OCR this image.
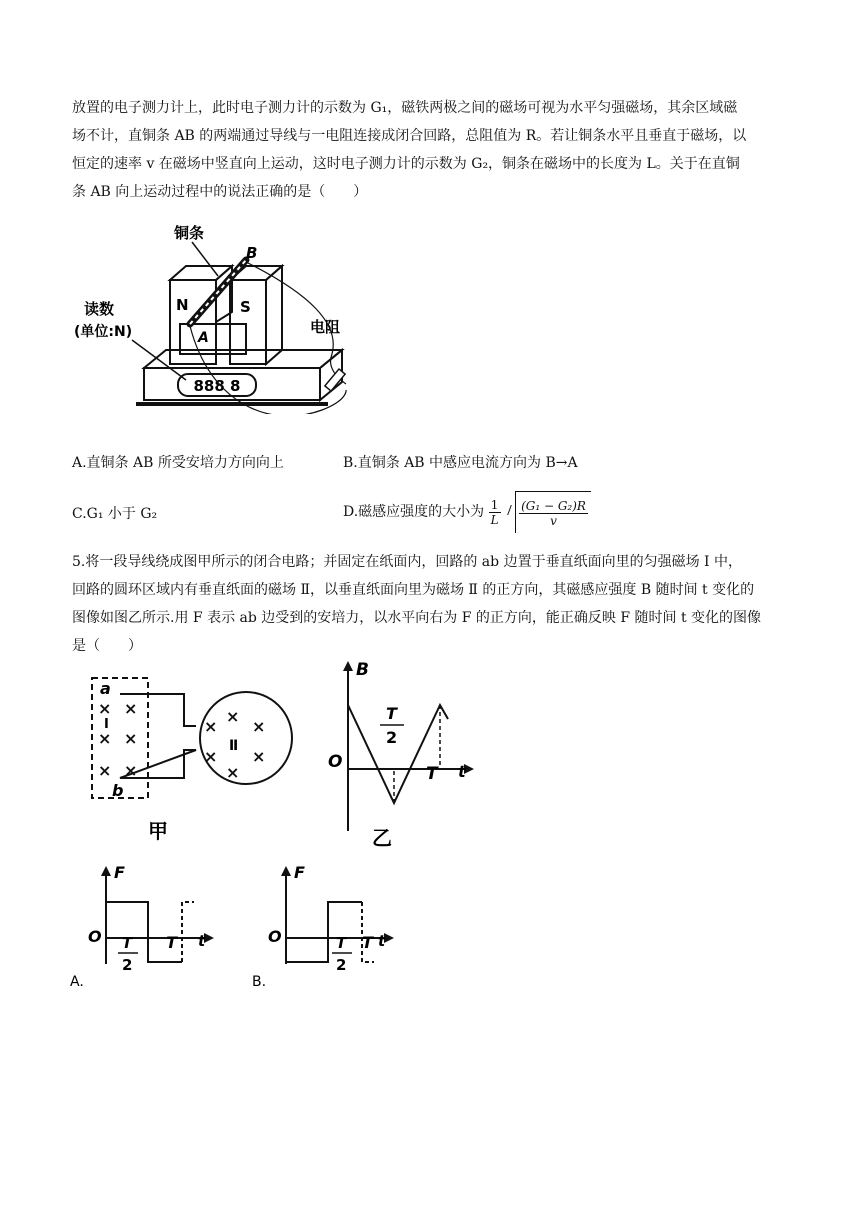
放置的电子测力计上，此时电子测力计的示数为 G₁，磁铁两极之间的磁场可视为水平匀强磁场，其余区域磁
场不计，直铜条 AB 的两端通过导线与一电阻连接成闭合回路，总阻值为 R。若让铜条水平且垂直于磁场，以
恒定的速率 v 在磁场中竖直向上运动，这时电子测力计的示数为 G₂，铜条在磁场中的长度为 L。关于在直铜
条 AB 向上运动过程中的说法正确的是（　　）
888 8
N	S
A
B
铜条
读数
(单位:N)	电阻
A.直铜条 AB 所受安培力方向向上	B.直铜条 AB 中感应电流方向为 B→A
C.G₁ 小于 G₂	D.磁感应强度的大小为 $\frac{1}{L}$
$\frac{\text{(G₁ − G₂)R}}{v}$
5.将一段导线绕成图甲所示的闭合电路；并固定在纸面内，回路的 ab 边置于垂直纸面向里的匀强磁场 I 中，
回路的圆环区域内有垂直纸面的磁场 Ⅱ，以垂直纸面向里为磁场 Ⅱ 的正方向，其磁感应强度 B 随时间 t 变化的
图像如图乙所示.用 F 表示 ab 边受到的安培力，以水平向右为 F 的正方向，能正确反映 F 随时间 t 变化的图像
是（　　）
×
×
×
×
×
×
×
×
×
×
×
×
a
b
I
Ⅱ
甲
B
O
T
2
T t
乙
F
O T
2
T t
A.
F
O	T
2
T t
B.
